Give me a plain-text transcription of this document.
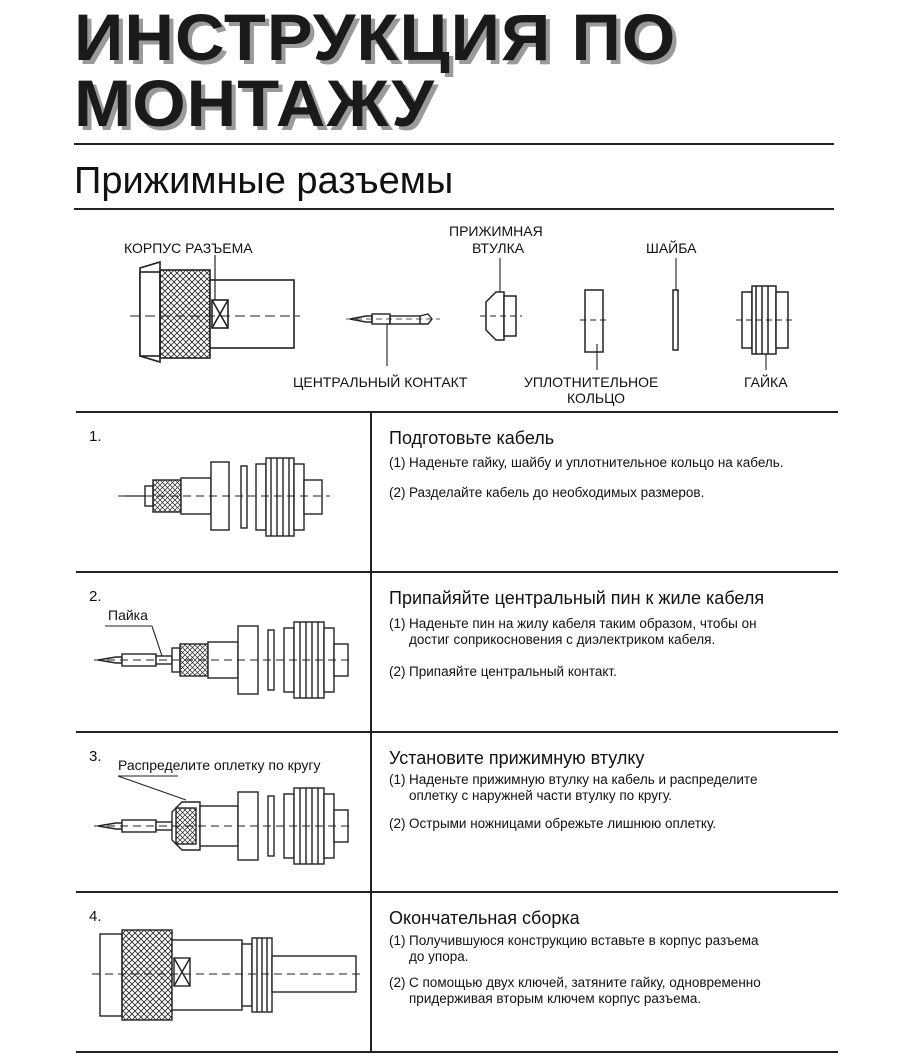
ИНСТРУКЦИЯ ПО
МОНТАЖУ
Прижимные разъемы
КОРПУС РАЗЪЕМА
ПРИЖИМНАЯ
ВТУЛКА	ШАЙБА
ЦЕНТРАЛЬНЫЙ КОНТАКТ	УПЛОТНИТЕЛЬНОЕ
КОЛЬЦО
ГАЙКА
1.	Подготовьте кабель
(1) Наденьте гайку, шайбу и уплотнительное кольцо на кабель.
(2) Разделайте кабель до необходимых размеров.
2.
Пайка
Припайяйте центральный пин к жиле кабеля
(1) Наденьте пин на жилу кабеля таким образом, чтобы он
достиг соприкосновения с диэлектриком кабеля.
(2) Припаяйте центральный контакт.
3. Распределите оплетку по кругу	Установите прижимную втулку
(1) Наденьте прижимную втулку на кабель и распределите
оплетку с наружней части втулку по кругу.
(2) Острыми ножницами обрежьте лишнюю оплетку.
4.	Окончательная сборка
(1) Получившуюся конструкцию вставьте в корпус разъема
до упора.
(2) С помощью двух ключей, затяните гайку, одновременно
придерживая вторым ключем корпус разъема.
